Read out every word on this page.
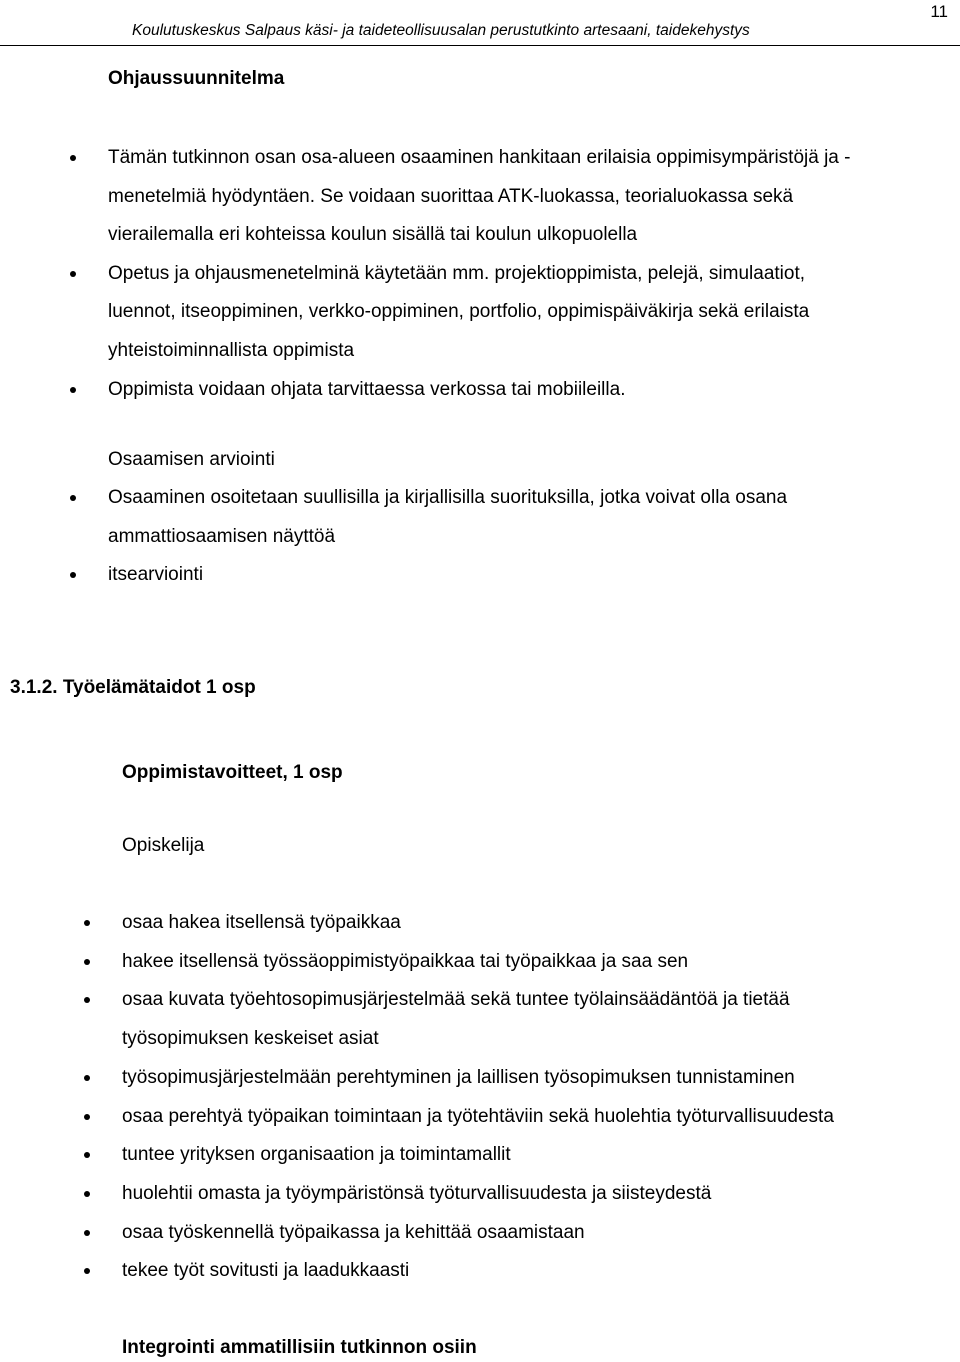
11
Koulutuskeskus Salpaus käsi- ja taideteollisuusalan perustutkinto artesaani, taidekehystys
Ohjaussuunnitelma
Tämän tutkinnon osan osa-alueen osaaminen hankitaan erilaisia oppimisympäristöjä ja -
menetelmiä hyödyntäen. Se voidaan suorittaa ATK-luokassa, teorialuokassa sekä
vierailemalla eri kohteissa koulun sisällä tai koulun ulkopuolella
Opetus ja ohjausmenetelminä käytetään mm. projektioppimista, pelejä, simulaatiot,
luennot, itseoppiminen, verkko-oppiminen, portfolio, oppimispäiväkirja sekä erilaista
yhteistoiminnallista oppimista
Oppimista voidaan ohjata tarvittaessa verkossa tai mobiileilla.
Osaamisen arviointi
Osaaminen osoitetaan suullisilla ja kirjallisilla suorituksilla, jotka voivat olla osana
ammattiosaamisen näyttöä
itsearviointi
3.1.2. Työelämätaidot 1 osp
Oppimistavoitteet, 1 osp
Opiskelija
osaa hakea itsellensä työpaikkaa
hakee itsellensä työssäoppimistyöpaikkaa tai työpaikkaa ja saa sen
osaa kuvata työehtosopimusjärjestelmää sekä tuntee työlainsäädäntöä ja tietää
työsopimuksen keskeiset asiat
työsopimusjärjestelmään perehtyminen ja laillisen työsopimuksen tunnistaminen
osaa perehtyä työpaikan toimintaan ja työtehtäviin sekä huolehtia työturvallisuudesta
tuntee yrityksen organisaation ja toimintamallit
huolehtii omasta ja työympäristönsä työturvallisuudesta ja siisteydestä
osaa työskennellä työpaikassa ja kehittää osaamistaan
tekee työt sovitusti ja laadukkaasti
Integrointi ammatillisiin tutkinnon osiin
